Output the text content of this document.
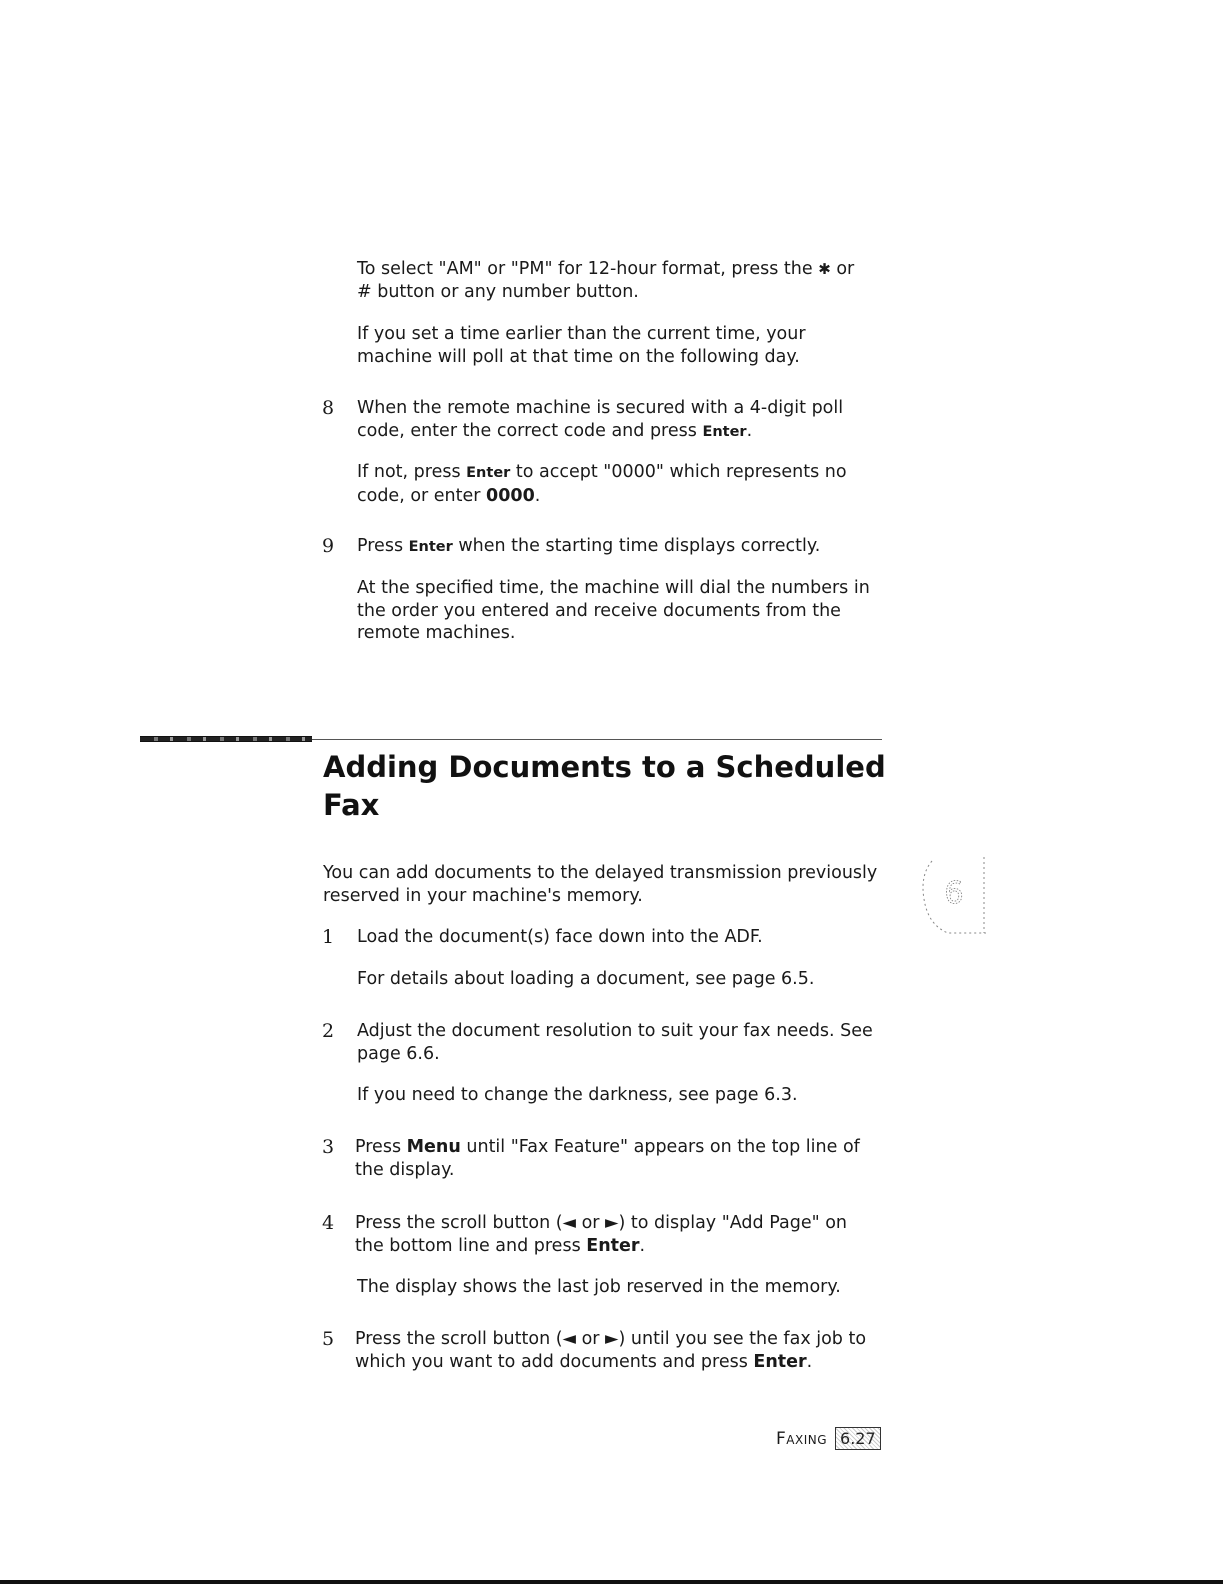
To select "AM" or "PM" for 12-hour format, press the ✱ or
# button or any number button.

If you set a time earlier than the current time, your
machine will poll at that time on the following day.

8 When the remote machine is secured with a 4-digit poll
code, enter the correct code and press Enter.

If not, press Enter to accept "0000" which represents no
code, or enter 0000.

9 Press Enter when the starting time displays correctly.

At the specified time, the machine will dial the numbers in
the order you entered and receive documents from the
remote machines.

Adding Documents to a Scheduled
Fax

You can add documents to the delayed transmission previously
reserved in your machine's memory.	6
1 Load the document(s) face down into the ADF.

For details about loading a document, see page 6.5.

2 Adjust the document resolution to suit your fax needs. See
page 6.6.

If you need to change the darkness, see page 6.3.

3 Press Menu until "Fax Feature" appears on the top line of
the display.

4 Press the scroll button (◄ or ►) to display "Add Page" on
the bottom line and press Enter.

The display shows the last job reserved in the memory.

5 Press the scroll button (◄ or ►) until you see the fax job to
which you want to add documents and press Enter.

Faxing 6.27
